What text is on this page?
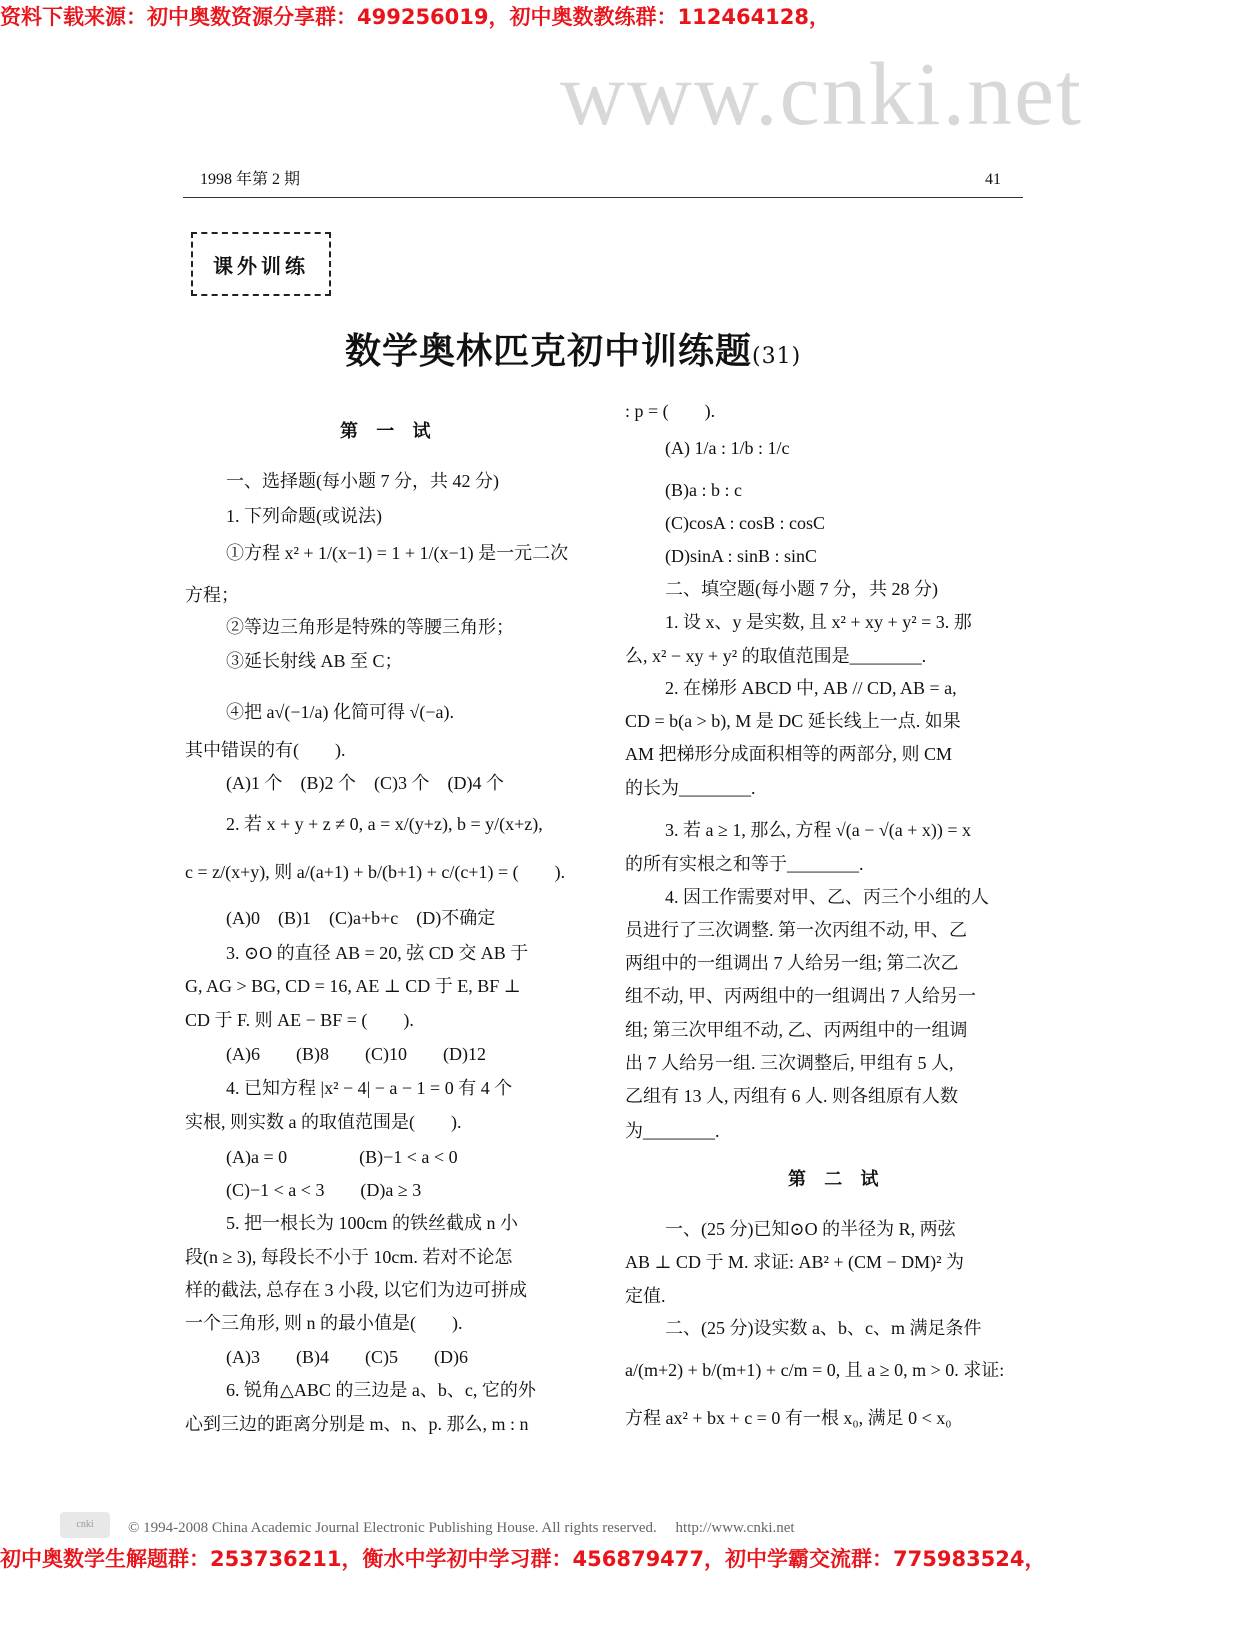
资料下载来源：初中奥数资源分享群：499256019，初中奥数教练群：112464128，
www.cnki.net
1998 年第 2 期	41
课外训练
数学奥林匹克初中训练题(31)
第 一 试
一、选择题(每小题 7 分，共 42 分)
1. 下列命题(或说法)
①方程 x² + 1/(x−1) = 1 + 1/(x−1) 是一元二次
方程；
②等边三角形是特殊的等腰三角形；
③延长射线 AB 至 C；
④把 a√(−1/a) 化简可得 √(−a).
其中错误的有(　　).
(A)1 个　(B)2 个　(C)3 个　(D)4 个
2. 若 x + y + z ≠ 0, a = x/(y+z), b = y/(x+z),
c = z/(x+y), 则 a/(a+1) + b/(b+1) + c/(c+1) = (　　).
(A)0　(B)1　(C)a+b+c　(D)不确定
3. ⊙O 的直径 AB = 20, 弦 CD 交 AB 于
G, AG > BG, CD = 16, AE ⊥ CD 于 E, BF ⊥
CD 于 F. 则 AE − BF = (　　).
(A)6　　(B)8　　(C)10　　(D)12
4. 已知方程 |x² − 4| − a − 1 = 0 有 4 个
实根, 则实数 a 的取值范围是(　　).
(A)a = 0　　　　(B)−1 < a < 0
(C)−1 < a < 3　　(D)a ≥ 3
5. 把一根长为 100cm 的铁丝截成 n 小
段(n ≥ 3), 每段长不小于 10cm. 若对不论怎
样的截法, 总存在 3 小段, 以它们为边可拼成
一个三角形, 则 n 的最小值是(　　).
(A)3　　(B)4　　(C)5　　(D)6
6. 锐角△ABC 的三边是 a、b、c, 它的外
心到三边的距离分别是 m、n、p. 那么, m : n
: p = (　　).
(A) 1/a : 1/b : 1/c
(B)a : b : c
(C)cosA : cosB : cosC
(D)sinA : sinB : sinC
二、填空题(每小题 7 分，共 28 分)
1. 设 x、y 是实数, 且 x² + xy + y² = 3. 那
么, x² − xy + y² 的取值范围是________.
2. 在梯形 ABCD 中, AB // CD, AB = a,
CD = b(a > b), M 是 DC 延长线上一点. 如果
AM 把梯形分成面积相等的两部分, 则 CM
的长为________.
3. 若 a ≥ 1, 那么, 方程 √(a − √(a + x)) = x
的所有实根之和等于________.
4. 因工作需要对甲、乙、丙三个小组的人
员进行了三次调整. 第一次丙组不动, 甲、乙
两组中的一组调出 7 人给另一组; 第二次乙
组不动, 甲、丙两组中的一组调出 7 人给另一
组; 第三次甲组不动, 乙、丙两组中的一组调
出 7 人给另一组. 三次调整后, 甲组有 5 人,
乙组有 13 人, 丙组有 6 人. 则各组原有人数
为________.
一、(25 分)已知⊙O 的半径为 R, 两弦
AB ⊥ CD 于 M. 求证: AB² + (CM − DM)² 为
定值.
二、(25 分)设实数 a、b、c、m 满足条件
a/(m+2) + b/(m+1) + c/m = 0, 且 a ≥ 0, m > 0. 求证:
方程 ax² + bx + c = 0 有一根 x₀, 满足 0 < x₀
第 二 试
cnki	© 1994-2008 China Academic Journal Electronic Publishing House. All rights reserved.　 http://www.cnki.net
初中奥数学生解题群：253736211，衡水中学初中学习群：456879477，初中学霸交流群：775983524，
